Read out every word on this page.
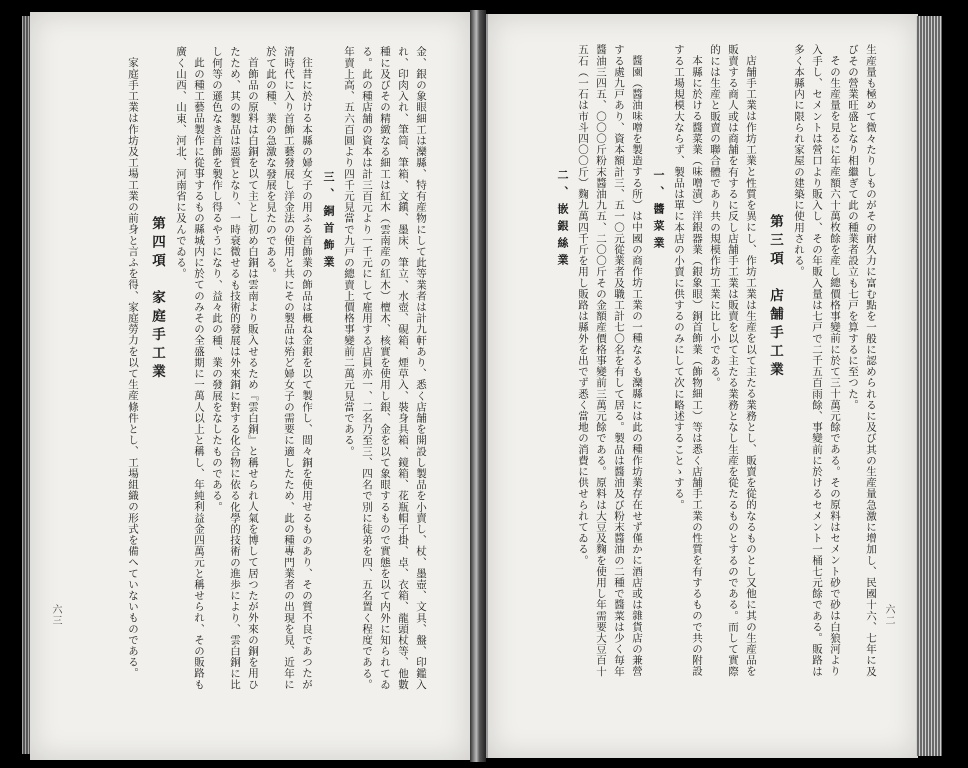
金、銀の象眼細工は灤縣、特有産物にして此等業者は計九軒あり、悉く店舗を開設し製品を小賣し、杖、墨壺、文具、盤、印鑑入れ、印肉入れ、筆筒、筆箱、文鎭、墨床、筆立、水壺、硯箱、煙草入、裝身具箱、鏡箱、花瓶帽子掛、卓、衣箱、龍頭杖等、他數種に及びその精緻なる細工は紅木（雲南産の紅木）檀木、核實を使用し銀、金を以て象眼するもので實態を以て内外に知られてゐる。此の種店舗の資本は計三百元より一千元にして雇用する店員亦一、二名乃至三、四名で別に徒弟を四、五名置く程度である。年賣上高、五六百圓より四千元見當で九戸の總賣上價格事變前二萬元見當である。

三、銅首飾業

往昔に於ける本縣の婦女子の用ふる首飾業の飾品は概ね金銀を以て製作し、間々銅を使用せるものあり、その質不良であつたが清時代に入り首飾工藝發展し洋金法の使用と共にその製品は殆ど婦女子の需要に適したため、此の種專門業者の出現を見、近年に於て此の種、業の急激な發展を見たのである。

首飾品の原料は白銅を以て主とし初め白銅は雲南より販入せるため『雲白銅』と稱せられ人氣を博して居つたが外來の銅を用ひたため、其の製品は惡質となり、一時衰微せるも技術的發展は外來銅に對する化合物に依る化學的技術の進歩により、雲白銅に比し何等の遜色なき首飾を製作し得るやうになり、益々此の種、業の發展をなしたものである。

此の種工藝品製作に從事するもの縣城内に於てのみその全盛期に一萬人以上と稱し、年純利益金四萬元と稱せられ、その販路も廣く山西、山東、河北、河南省に及んでゐる。

第四項　家庭手工業

家庭手工業は作坊及工場工業の前身と言ふを得、家庭勞力を以て生産條件とし、工場組織の形式を備へていないものである。

六三	生産量も極めて微々たりしものがその耐久力に富む點を一般に認められるに及び其の生産量急激に增加し、民國十六、七年に及びその營業旺盛となり相繼ぎて此の種業者設立も七戸を算するに至つた。

その生産量を見るに年産額六十萬枚餘を産し總價格事變前に於て三十萬元餘である。その原料はセメント砂で砂は白狼河より入手し、セメントは營口より販入し、その年販入量は七戸で二千五百雨餘、事變前に於けるセメント一桶七元餘である。販路は多く本縣内に限られ家屋の建築に使用される。

第三項　店舗手工業

店舗手工業は作坊工業と性質を異にし、作坊工業は生産を以て主たる業務とし、販賣を從的なるものとし又他に其の生産品を販賣する商人或は商舗を有するに反し店舗手工業は販賣を以て主たる業務となし生産を從たるものとするのである。而して實際的には生産と販賣の聯合體であり共の規模作坊工業に比し小である。

本縣に於ける醬菜業（味噌漬）洋銀器業（銀象眼）銅首飾業（飾物細工）等は悉く店舗手工業の性質を有するもので共の附設する工場規模大ならず、製品は單に本店の小賣に供するのみにして次に略述することゝする。

一、醬菜業

醬園（醬油味噌を製造する所）は中國の商作坊工業の一種なるも灤縣には此の種作坊業存在せず僅かに酒店或は雜貨店の兼營する處九戸あり、資本額計三、五一〇元從業者及職工計七〇名を有して居る。製品は醬油及び粉末醬油の二種で醬菜は少く毎年醬油三四五、〇〇〇斤粉末醬油九五、二〇〇斤その金額産價格事變前三萬元餘である。原料は大豆及麴を使用し年需要大豆百十五石（一石は市斗四〇〇斤）麴九萬四千斤を用し販路は縣外を出でず悉く當地の消費に供せられてゐる。

二、嵌銀絲業

六二
